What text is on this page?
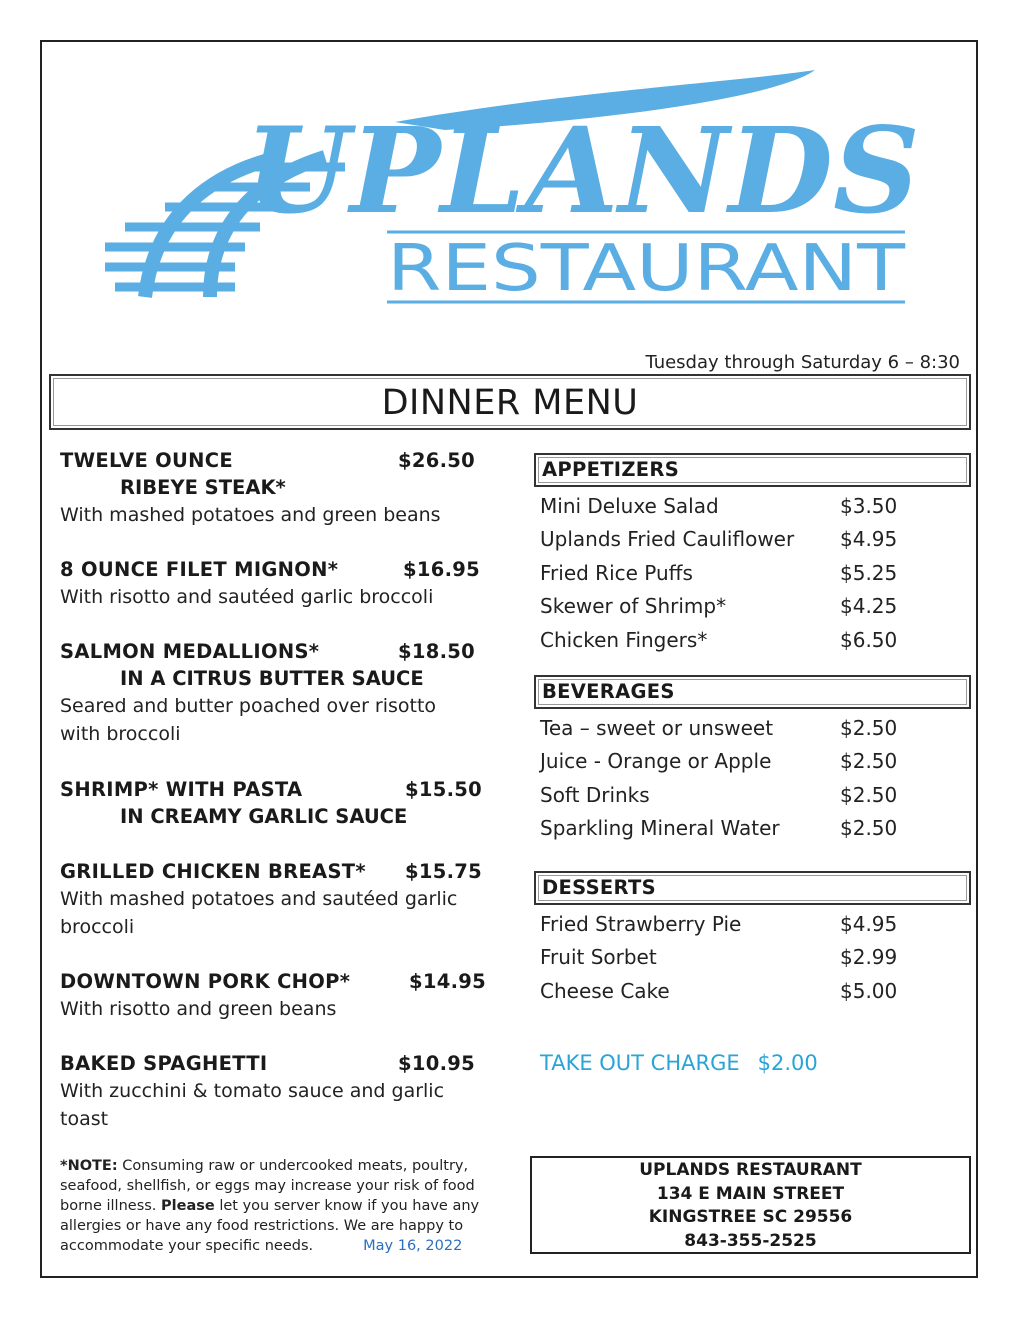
UPLANDS
RESTAURANT
Tuesday through Saturday 6 – 8:30
DINNER MENU
TWELVE OUNCE	$26.50
RIBEYE STEAK*
With mashed potatoes and green beans
8 OUNCE FILET MIGNON*	$16.95
With risotto and sautéed garlic broccoli
SALMON MEDALLIONS*	$18.50
IN A CITRUS BUTTER SAUCE
Seared and butter poached over risotto with broccoli
SHRIMP* WITH PASTA	$15.50
IN CREAMY GARLIC SAUCE
GRILLED CHICKEN BREAST* $15.75
With mashed potatoes and sautéed garlic broccoli
DOWNTOWN PORK CHOP*	$14.95
With risotto and green beans
BAKED SPAGHETTI	$10.95
With zucchini & tomato sauce and garlic toast
APPETIZERS
Mini Deluxe Salad	$3.50
Uplands Fried Cauliflower $4.95
Fried Rice Puffs	$5.25
Skewer of Shrimp*	$4.25
Chicken Fingers*	$6.50
BEVERAGES
Tea – sweet or unsweet	$2.50
Juice - Orange or Apple	$2.50
Soft Drinks	$2.50
Sparkling Mineral Water	$2.50
DESSERTS
Fried Strawberry Pie	$4.95
Fruit Sorbet	$2.99
Cheese Cake	$5.00
TAKE OUT CHARGE $2.00
*NOTE: Consuming raw or undercooked meats, poultry, seafood, shellfish, or eggs may increase your risk of food borne illness. Please let you server know if you have any allergies or have any food restrictions. We are happy to accommodate your specific needs.	May 16, 2022
UPLANDS RESTAURANT
134 E MAIN STREET
KINGSTREE SC 29556
843-355-2525
